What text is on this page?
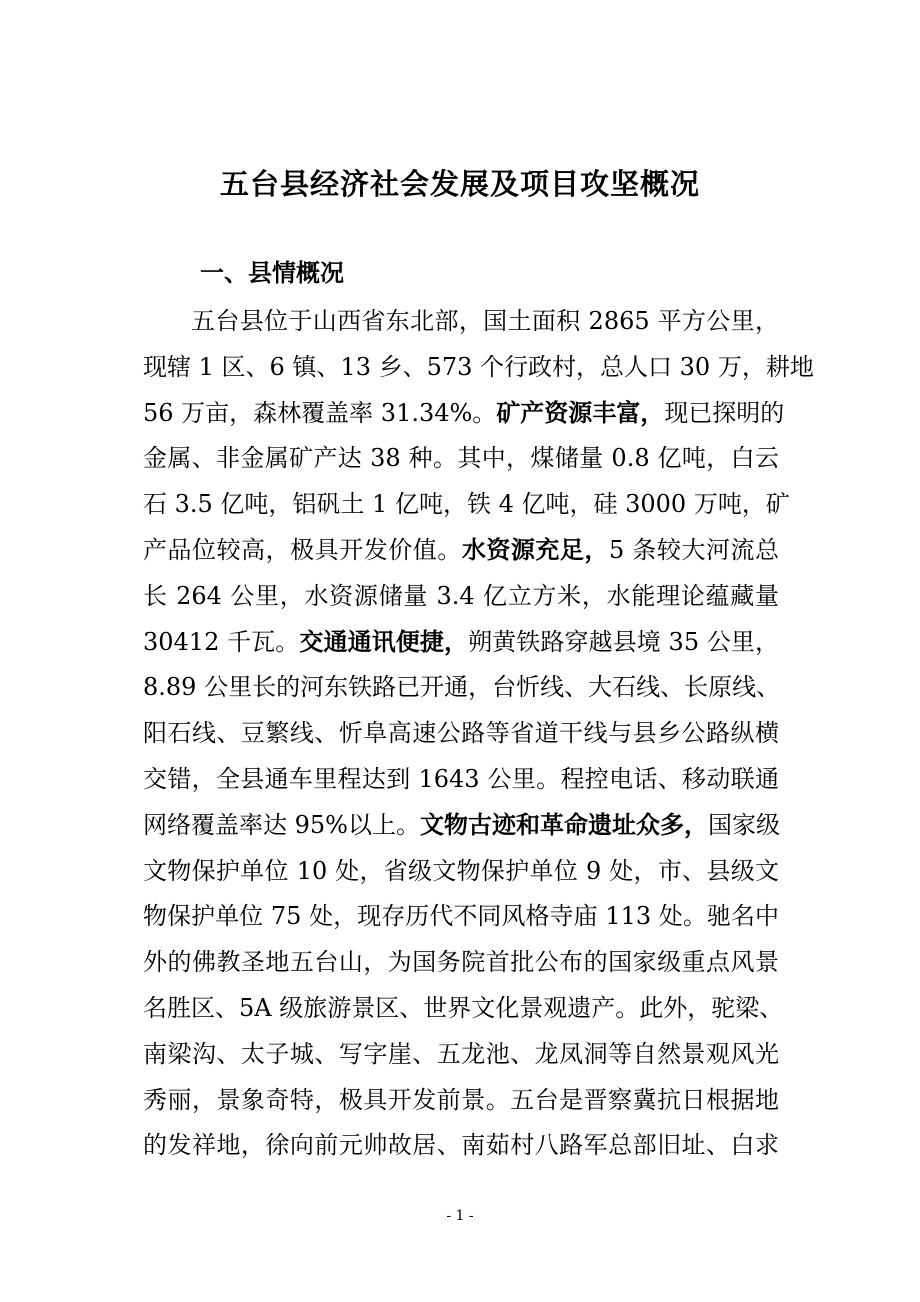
五台县经济社会发展及项目攻坚概况
一、县情概况
五台县位于山西省东北部，国土面积 2865 平方公里，
现辖 1 区、6 镇、13 乡、573 个行政村，总人口 30 万，耕地
56 万亩，森林覆盖率 31.34%。矿产资源丰富，现已探明的
金属、非金属矿产达 38 种。其中，煤储量 0.8 亿吨，白云
石 3.5 亿吨，铝矾土 1 亿吨，铁 4 亿吨，硅 3000 万吨，矿
产品位较高，极具开发价值。水资源充足，5 条较大河流总
长 264 公里，水资源储量 3.4 亿立方米，水能理论蕴藏量
30412 千瓦。交通通讯便捷，朔黄铁路穿越县境 35 公里，
8.89 公里长的河东铁路已开通，台忻线、大石线、长原线、
阳石线、豆繁线、忻阜高速公路等省道干线与县乡公路纵横
交错，全县通车里程达到 1643 公里。程控电话、移动联通
网络覆盖率达 95%以上。文物古迹和革命遗址众多，国家级
文物保护单位 10 处，省级文物保护单位 9 处，市、县级文
物保护单位 75 处，现存历代不同风格寺庙 113 处。驰名中
外的佛教圣地五台山，为国务院首批公布的国家级重点风景
名胜区、5A 级旅游景区、世界文化景观遗产。此外，驼梁、
南梁沟、太子城、写字崖、五龙池、龙凤洞等自然景观风光
秀丽，景象奇特，极具开发前景。五台是晋察冀抗日根据地
的发祥地，徐向前元帅故居、南茹村八路军总部旧址、白求
- 1 -
